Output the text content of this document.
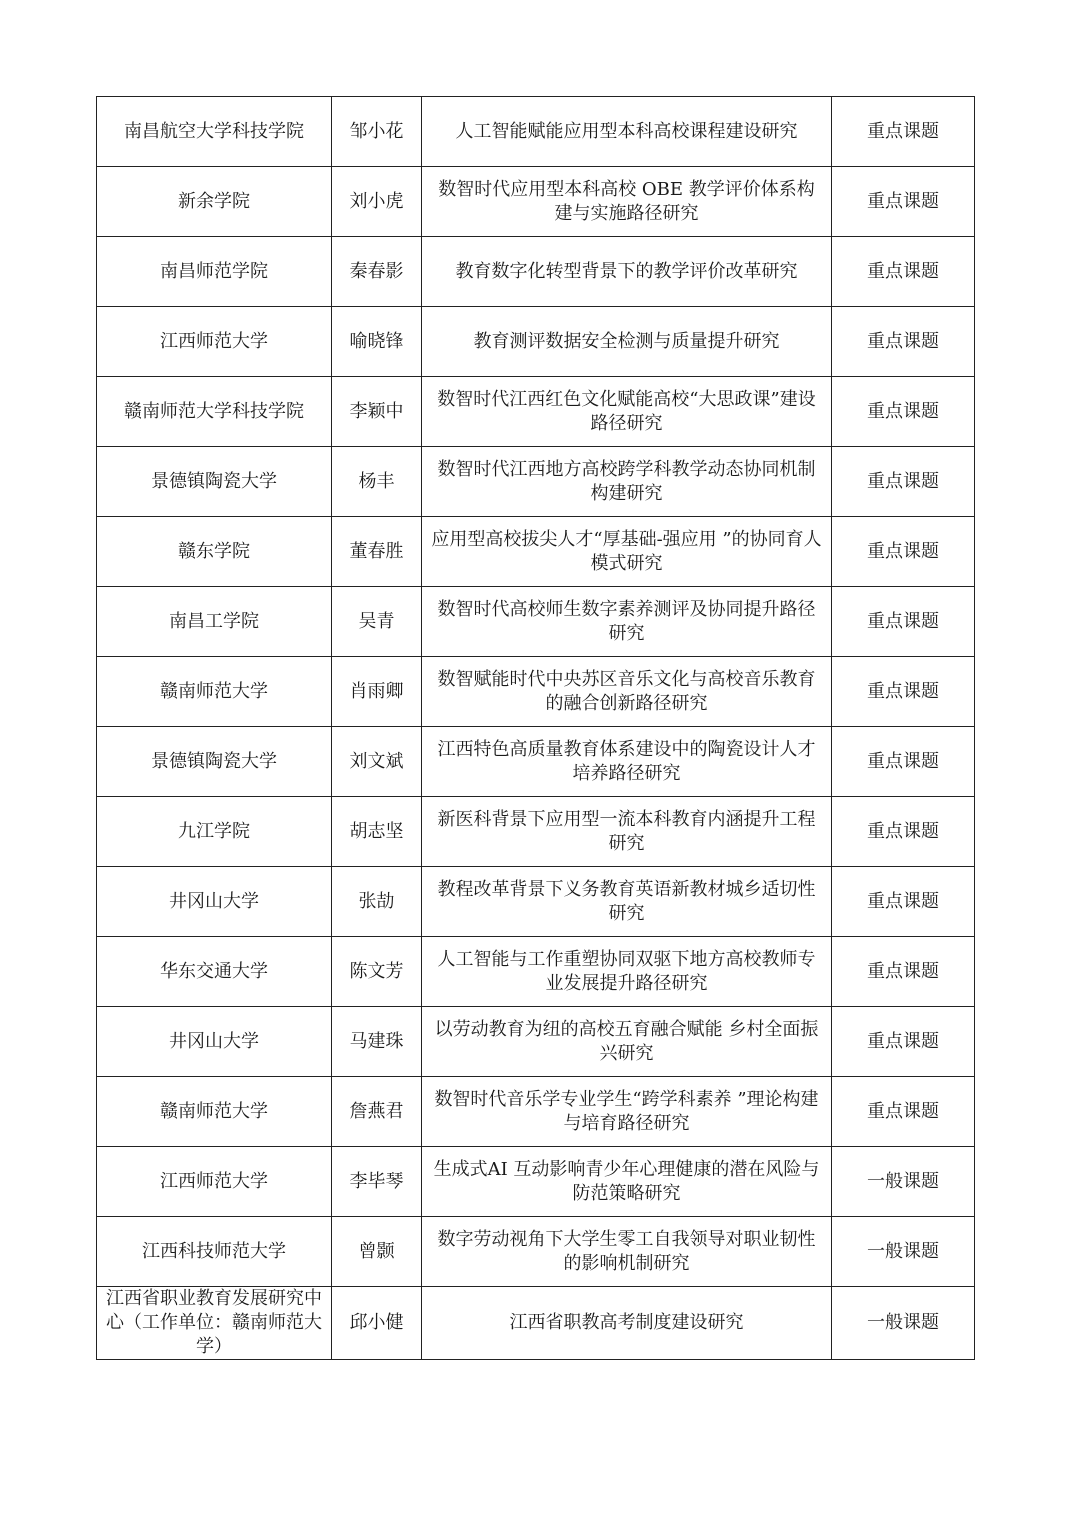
南昌航空大学科技学院	邹小花	人工智能赋能应用型本科高校课程建设研究	重点课题
新余学院	刘小虎	数智时代应用型本科高校 OBE 教学评价体系构建与实施路径研究	重点课题
南昌师范学院	秦春影	教育数字化转型背景下的教学评价改革研究	重点课题
江西师范大学	喻晓锋	教育测评数据安全检测与质量提升研究	重点课题
赣南师范大学科技学院	李颖中	数智时代江西红色文化赋能高校“大思政课”建设路径研究	重点课题
景德镇陶瓷大学	杨丰	数智时代江西地方高校跨学科教学动态协同机制构建研究	重点课题
赣东学院	董春胜	应用型高校拔尖人才“厚基础-强应用 ”的协同育人模式研究	重点课题
南昌工学院	吴青	数智时代高校师生数字素养测评及协同提升路径研究	重点课题
赣南师范大学	肖雨卿	数智赋能时代中央苏区音乐文化与高校音乐教育的融合创新路径研究	重点课题
景德镇陶瓷大学	刘文斌	江西特色高质量教育体系建设中的陶瓷设计人才培养路径研究	重点课题
九江学院	胡志坚	新医科背景下应用型一流本科教育内涵提升工程研究	重点课题
井冈山大学	张劼	教程改革背景下义务教育英语新教材城乡适切性研究	重点课题
华东交通大学	陈文芳	人工智能与工作重塑协同双驱下地方高校教师专业发展提升路径研究	重点课题
井冈山大学	马建珠	以劳动教育为纽的高校五育融合赋能 乡村全面振兴研究	重点课题
赣南师范大学	詹燕君	数智时代音乐学专业学生“跨学科素养 ”理论构建与培育路径研究	重点课题
江西师范大学	李毕琴	生成式AI 互动影响青少年心理健康的潜在风险与防范策略研究	一般课题
江西科技师范大学	曾颢	数字劳动视角下大学生零工自我领导对职业韧性的影响机制研究	一般课题
江西省职业教育发展研究中心（工作单位：赣南师范大学）	邱小健	江西省职教高考制度建设研究	一般课题
